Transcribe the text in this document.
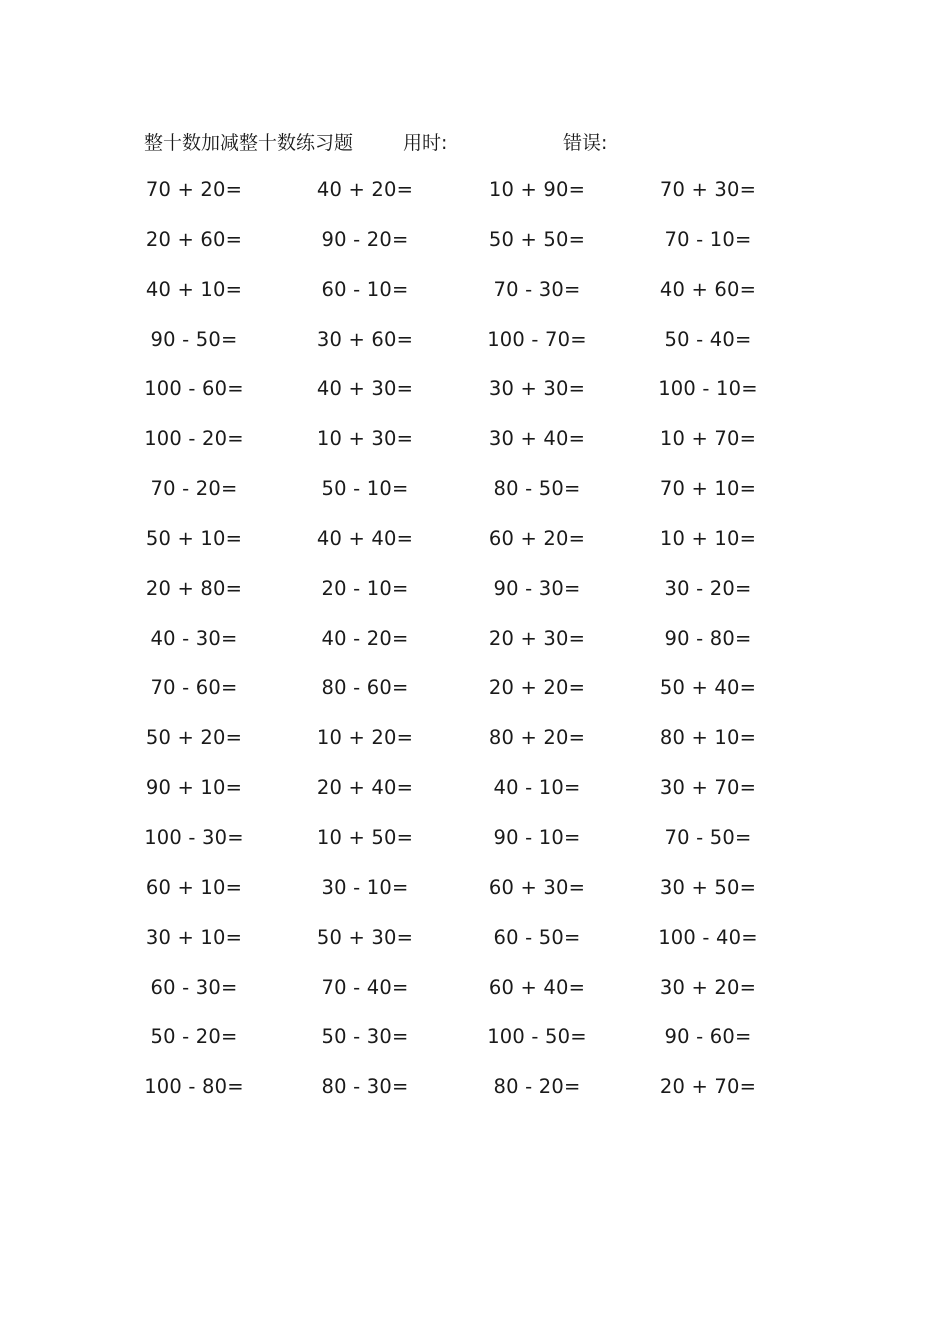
整十数加减整十数练习题	用时:	错误:
70 + 20=	40 + 20=	10 + 90=	70 + 30=
20 + 60=	90 - 20=	50 + 50=	70 - 10=
40 + 10=	60 - 10=	70 - 30=	40 + 60=
90 - 50=	30 + 60=	100 - 70=	50 - 40=
100 - 60=	40 + 30=	30 + 30=	100 - 10=
100 - 20=	10 + 30=	30 + 40=	10 + 70=
70 - 20=	50 - 10=	80 - 50=	70 + 10=
50 + 10=	40 + 40=	60 + 20=	10 + 10=
20 + 80=	20 - 10=	90 - 30=	30 - 20=
40 - 30=	40 - 20=	20 + 30=	90 - 80=
70 - 60=	80 - 60=	20 + 20=	50 + 40=
50 + 20=	10 + 20=	80 + 20=	80 + 10=
90 + 10=	20 + 40=	40 - 10=	30 + 70=
100 - 30=	10 + 50=	90 - 10=	70 - 50=
60 + 10=	30 - 10=	60 + 30=	30 + 50=
30 + 10=	50 + 30=	60 - 50=	100 - 40=
60 - 30=	70 - 40=	60 + 40=	30 + 20=
50 - 20=	50 - 30=	100 - 50=	90 - 60=
100 - 80=	80 - 30=	80 - 20=	20 + 70=
